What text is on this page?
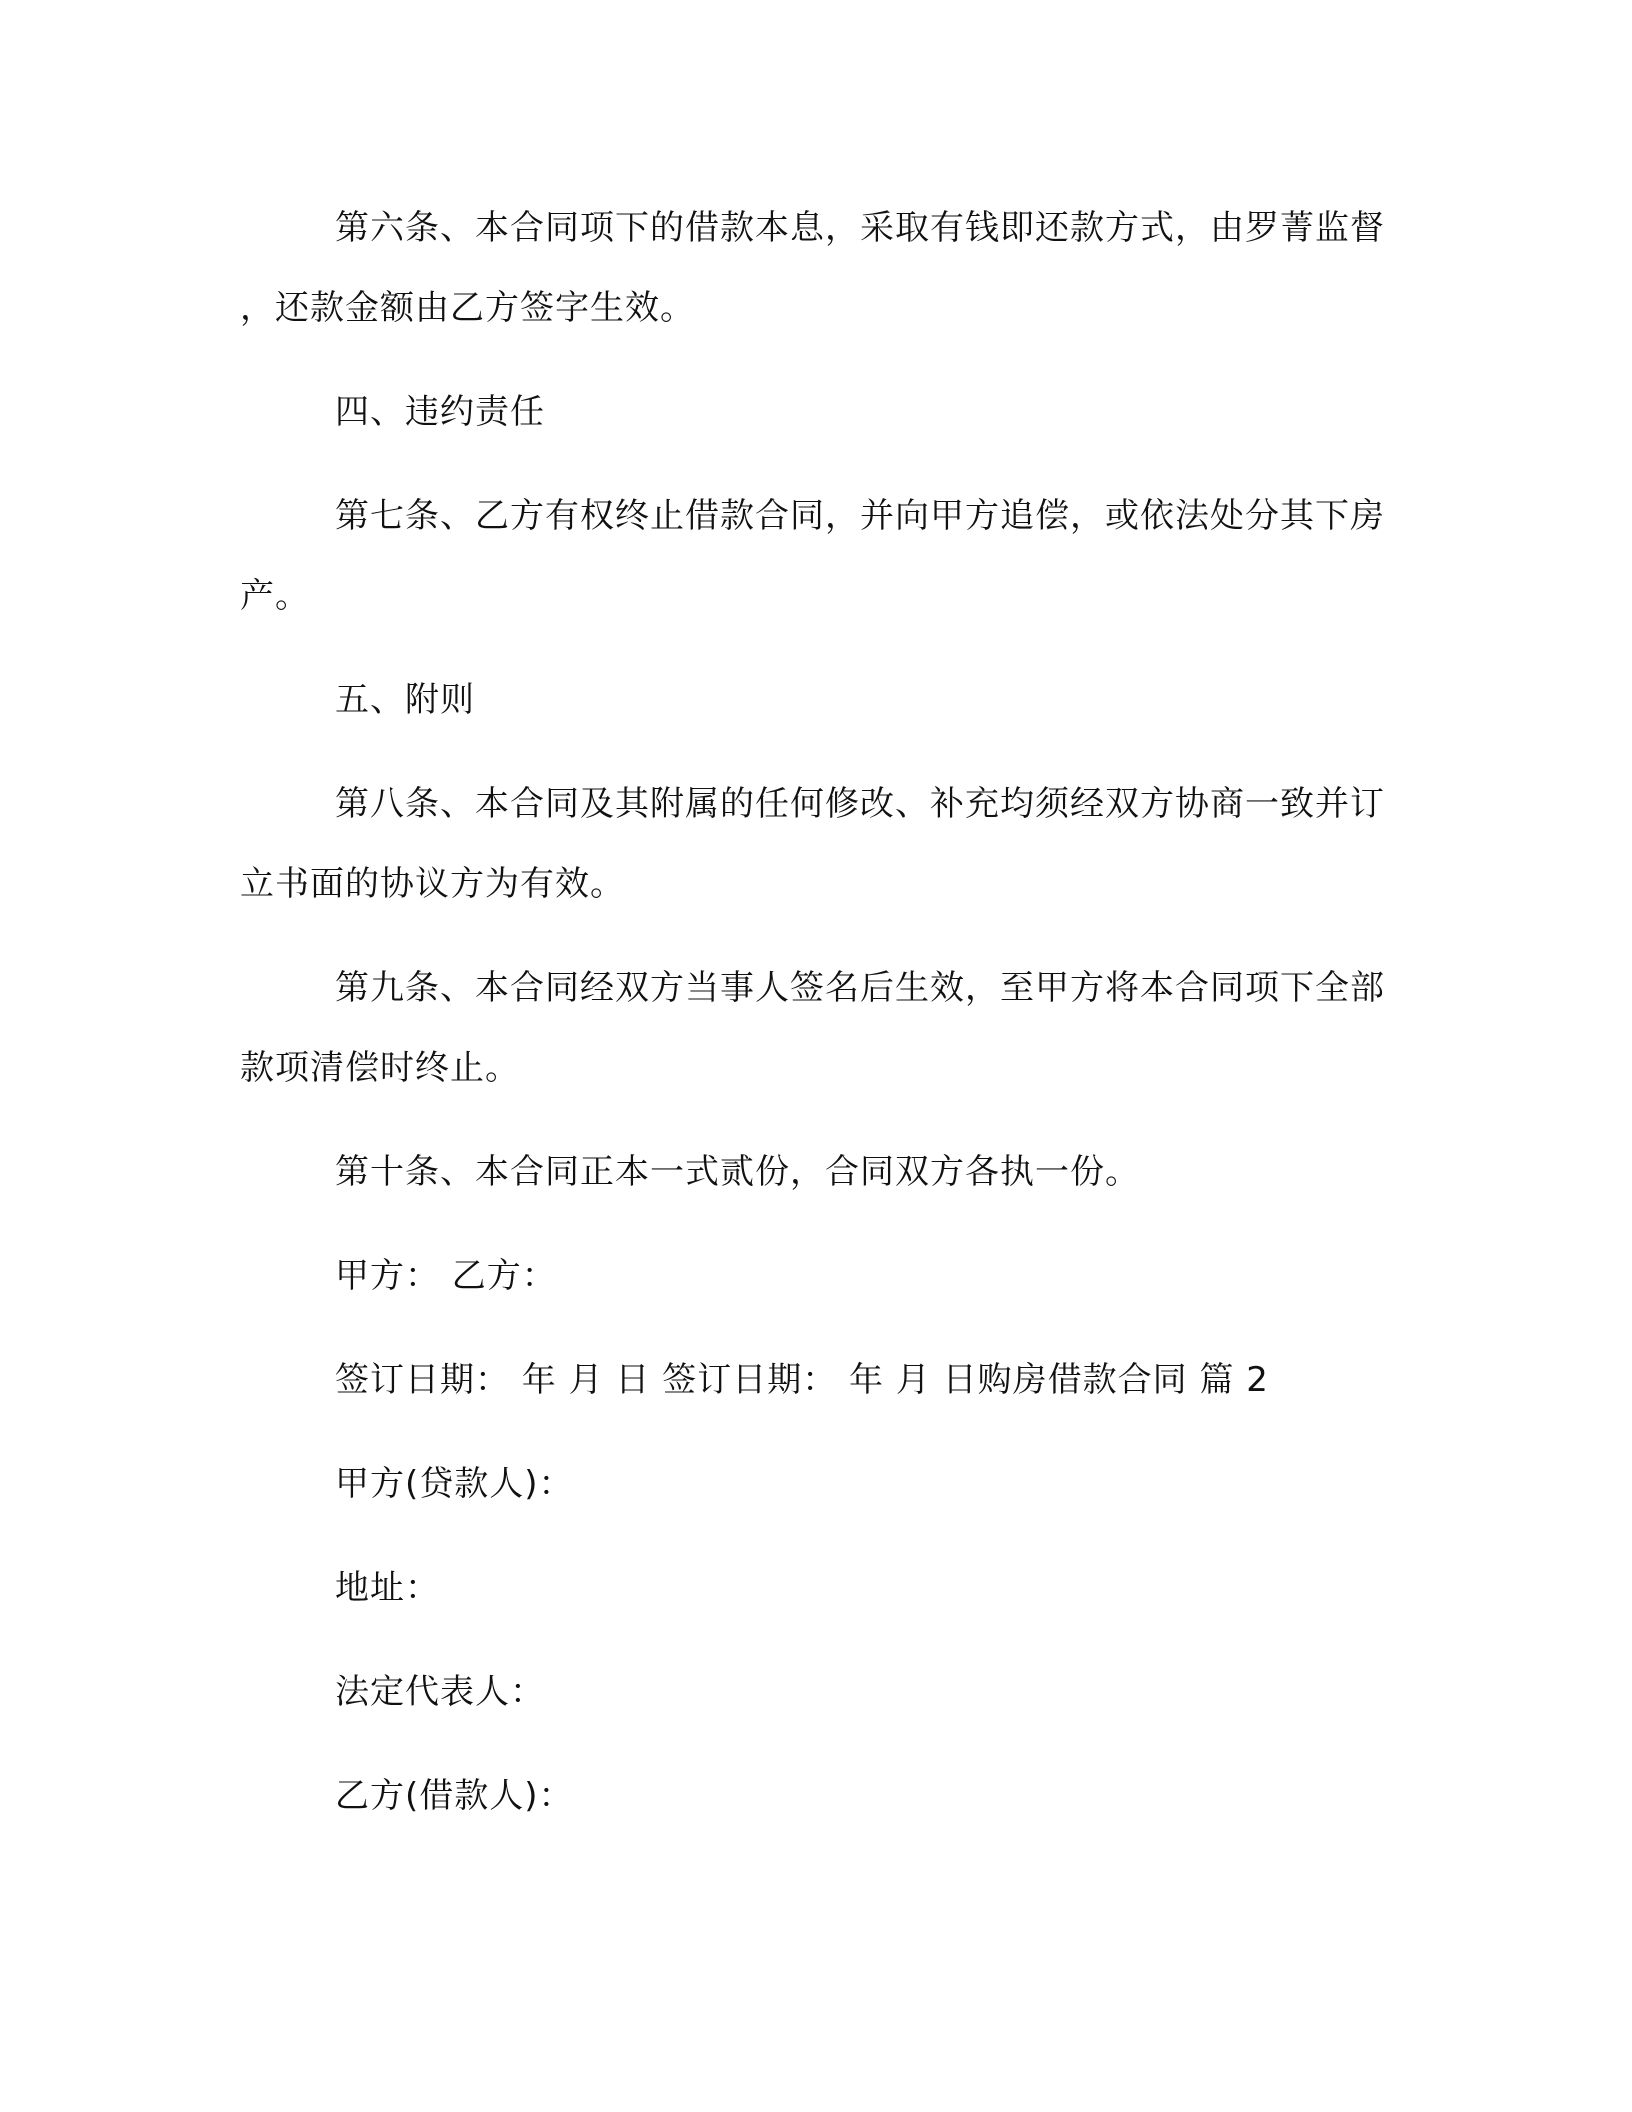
第六条、本合同项下的借款本息，采取有钱即还款方式，由罗菁监督，还款金额由乙方签字生效。

四、违约责任

第七条、乙方有权终止借款合同，并向甲方追偿，或依法处分其下房产。

五、附则

第八条、本合同及其附属的任何修改、补充均须经双方协商一致并订立书面的协议方为有效。

第九条、本合同经双方当事人签名后生效，至甲方将本合同项下全部款项清偿时终止。

第十条、本合同正本一式贰份，合同双方各执一份。

甲方： 乙方：

签订日期： 年 月 日 签订日期： 年 月 日购房借款合同 篇 2

甲方(贷款人)：

地址：

法定代表人：

乙方(借款人)：
